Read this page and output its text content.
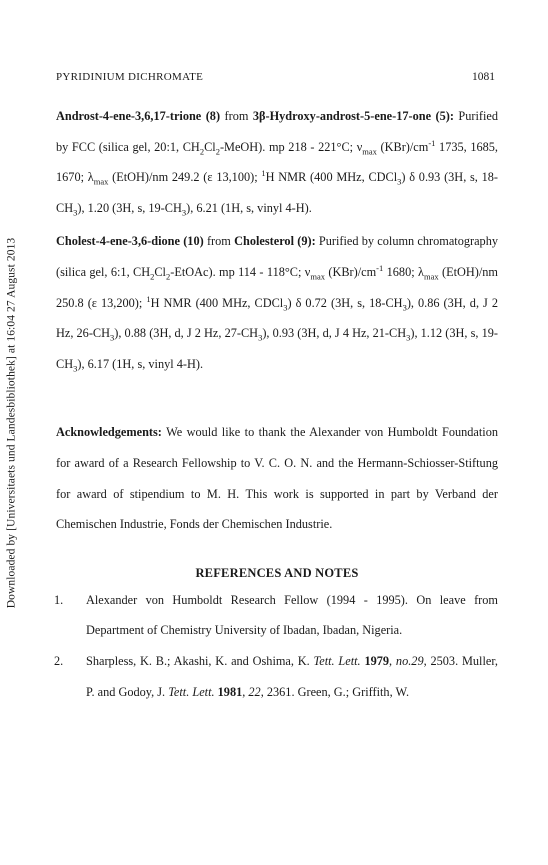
Downloaded by [Universitaets und Landesbibliothek] at 16:04 27 August 2013
PYRIDINIUM DICHROMATE	1081

Androst-4-ene-3,6,17-trione (8) from 3β-Hydroxy-androst-5-ene-17-one (5): Purified by FCC (silica gel, 20:1, $CH_2Cl_2-MeOH$). mp 218 - 221°C; $\nu_{max}$ $(KBr)/cm^{-1}$ 1735, 1685, 1670; $\lambda_{max}$ (EtOH)/nm 249.2 (ε 13,100); $^1$H NMR (400 MHz, CDCl$_3$) δ 0.93 (3H, s, $18-CH_3$), 1.20 (3H, s, $19-CH_3$), 6.21 (1H, s, vinyl 4-H).

Cholest-4-ene-3,6-dione (10) from Cholesterol (9): Purified by column chromatography (silica gel, 6:1, $CH_2Cl_2-EtOAc$). mp 114 - 118°C; $\nu_{max}$ $(KBr)/cm^{-1}$ 1680; $\lambda_{max}$ (EtOH)/nm 250.8 (ε 13,200); $^1$H NMR (400 MHz, CDCl$_3$) δ 0.72 (3H, s, $18-CH_3$), 0.86 (3H, d, J 2 Hz, $26-CH_3$), 0.88 (3H, d, J 2 Hz, $27-CH_3$), 0.93 (3H, d, J 4 Hz, $21-CH_3$), 1.12 (3H, s, $19-CH_3$), 6.17 (1H, s, vinyl 4-H).

Acknowledgements: We would like to thank the Alexander von Humboldt Foundation for award of a Research Fellowship to V. C. O. N. and the Hermann-Schiosser-Stiftung for award of stipendium to M. H. This work is supported in part by Verband der Chemischen Industrie, Fonds der Chemischen Industrie.

REFERENCES AND NOTES

1.	Alexander von Humboldt Research Fellow (1994 - 1995). On leave from Department of Chemistry University of Ibadan, Ibadan, Nigeria.
2.	Sharpless, K. B.; Akashi, K. and Oshima, K. Tett. Lett. 1979, no.29, 2503. Muller, P. and Godoy, J. Tett. Lett. 1981, 22, 2361. Green, G.; Griffith, W.
